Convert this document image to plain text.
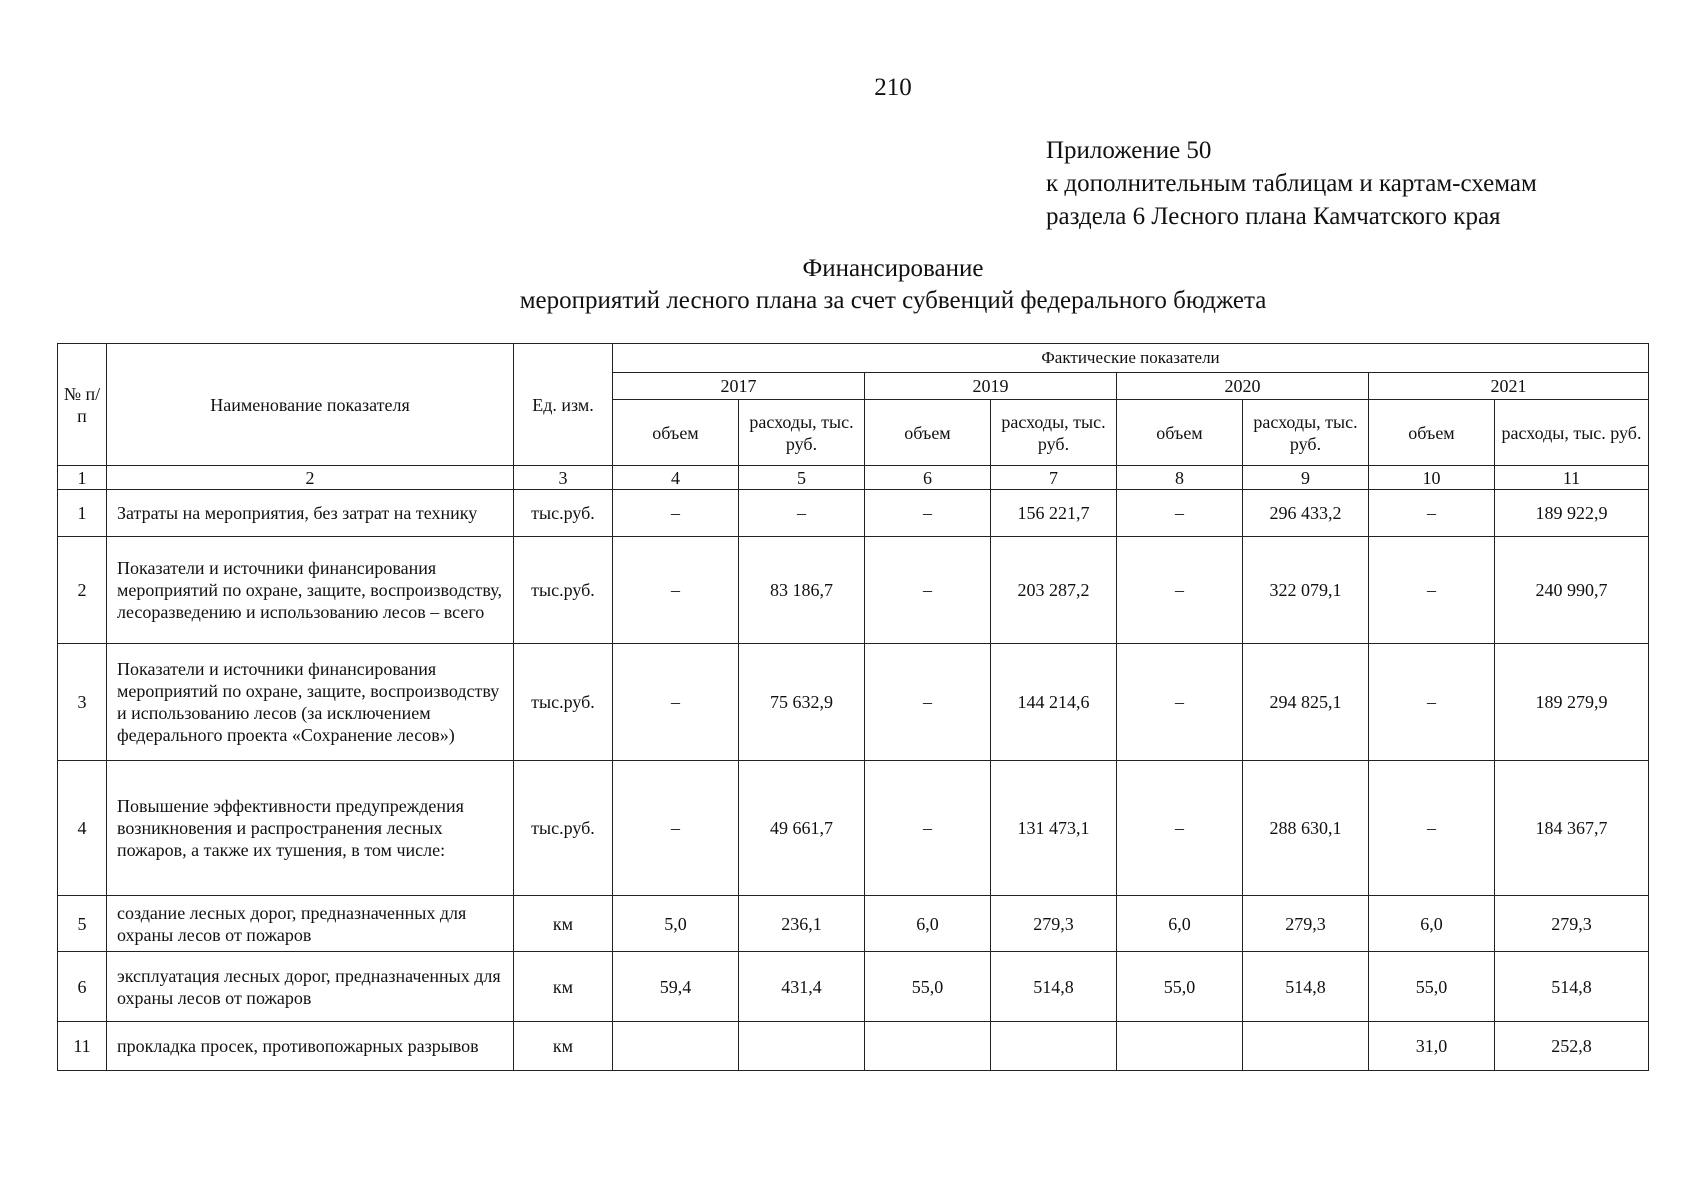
210
Приложение 50
к дополнительным таблицам и картам-схемам
раздела 6 Лесного плана Камчатского края
Финансирование
мероприятий лесного плана за счет субвенций федерального бюджета
№ п/п	Наименование показателя	Ед. изм.	Фактические показатели							
			2017		2019		2020		2021	
			объем	расходы, тыс. руб.	объем	расходы, тыс. руб.	объем	расходы, тыс. руб.	объем	расходы, тыс. руб.
1	2	3	4	5	6	7	8	9	10	11
1	Затраты на мероприятия, без затрат на технику	тыс.руб.	–	–	–	156 221,7	–	296 433,2	–	189 922,9
2	Показатели и источники финансирования мероприятий по охране, защите, воспроизводству, лесоразведению и использованию лесов – всего	тыс.руб.	–	83 186,7	–	203 287,2	–	322 079,1	–	240 990,7
3	Показатели и источники финансирования мероприятий по охране, защите, воспроизводству и использованию лесов (за исключением федерального проекта «Сохранение лесов»)	тыс.руб.	–	75 632,9	–	144 214,6	–	294 825,1	–	189 279,9
4	Повышение эффективности предупреждения возникновения и распространения лесных пожаров, а также их тушения, в том числе:	тыс.руб.	–	49 661,7	–	131 473,1	–	288 630,1	–	184 367,7
5	создание лесных дорог, предназначенных для охраны лесов от пожаров	км	5,0	236,1	6,0	279,3	6,0	279,3	6,0	279,3
6	эксплуатация лесных дорог, предназначенных для охраны лесов от пожаров	км	59,4	431,4	55,0	514,8	55,0	514,8	55,0	514,8
11	прокладка просек, противопожарных разрывов	км							31,0	252,8
